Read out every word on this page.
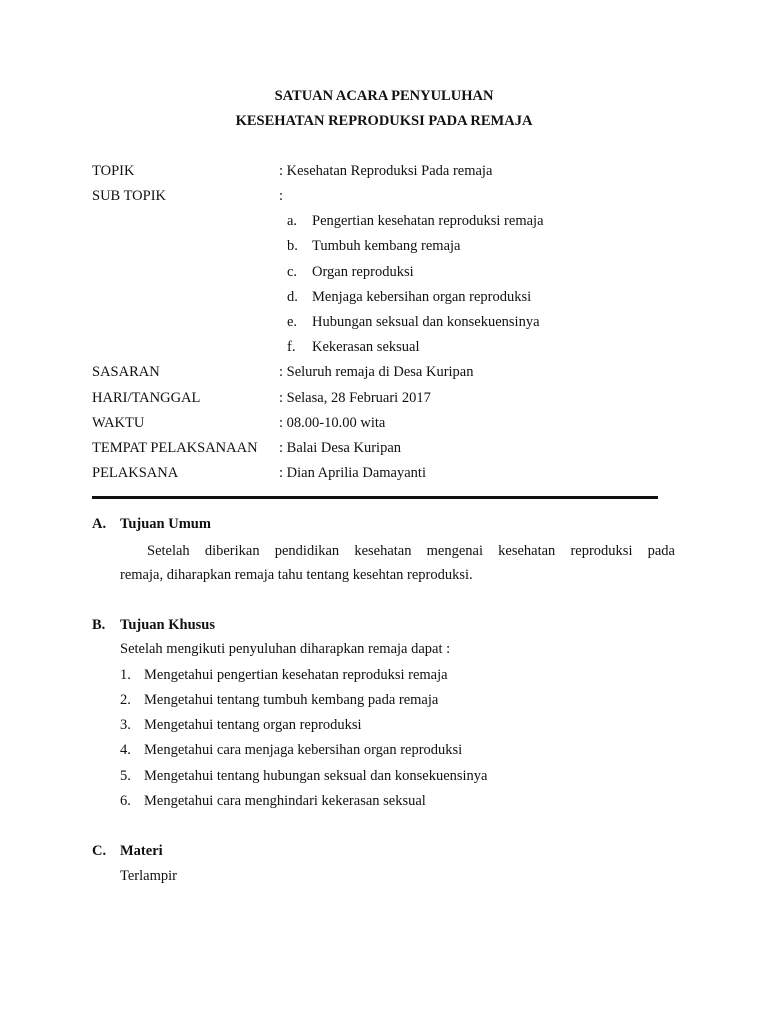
SATUAN ACARA PENYULUHAN
KESEHATAN REPRODUKSI PADA REMAJA
TOPIK	: Kesehatan Reproduksi Pada remaja
SUB TOPIK	:
a. Pengertian kesehatan reproduksi remaja
b. Tumbuh kembang remaja
c. Organ reproduksi
d. Menjaga kebersihan organ reproduksi
e. Hubungan seksual dan konsekuensinya
f. Kekerasan seksual
SASARAN	: Seluruh remaja di Desa Kuripan
HARI/TANGGAL	: Selasa, 28 Februari 2017
WAKTU	: 08.00-10.00 wita
TEMPAT PELAKSANAAN : Balai Desa Kuripan
PELAKSANA	: Dian Aprilia Damayanti
A. Tujuan Umum
Setelah diberikan pendidikan kesehatan mengenai kesehatan reproduksi pada
remaja, diharapkan remaja tahu tentang kesehtan reproduksi.
B. Tujuan Khusus
Setelah mengikuti penyuluhan diharapkan remaja dapat :
1. Mengetahui pengertian kesehatan reproduksi remaja
2. Mengetahui tentang tumbuh kembang pada remaja
3. Mengetahui tentang organ reproduksi
4. Mengetahui cara menjaga kebersihan organ reproduksi
5. Mengetahui tentang hubungan seksual dan konsekuensinya
6. Mengetahui cara menghindari kekerasan seksual
C. Materi
Terlampir
